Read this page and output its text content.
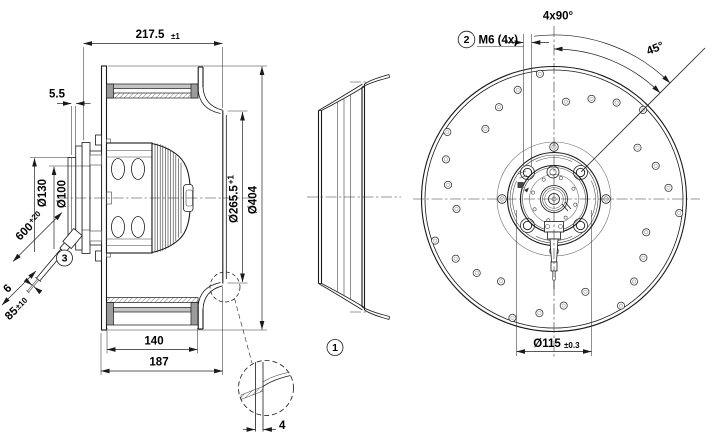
217.5 ±1
5.5
Ø130 Ø100
$600^{+20}$
3
6
85±10
140
187
$Ø265.5^{+1}$
Ø404
4
1
2 M6 (4x)
4x90°
45°
Ø115 ±0.3
